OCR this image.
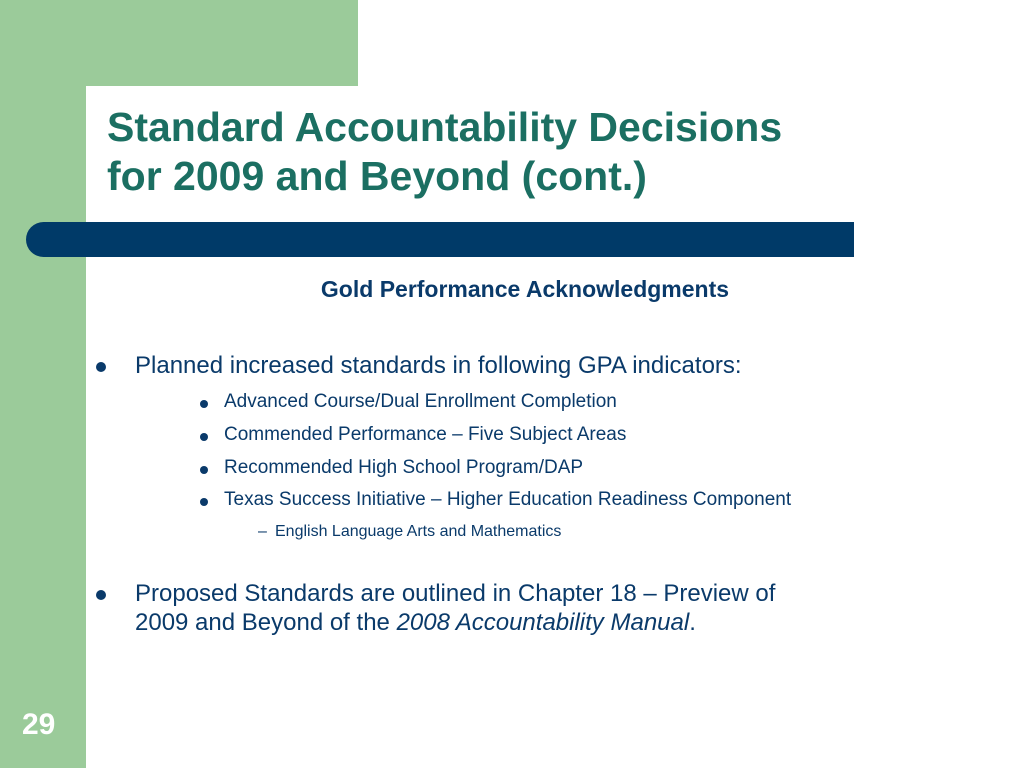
Standard Accountability Decisions
for 2009 and Beyond (cont.)
Gold Performance Acknowledgments
Planned increased standards in following GPA indicators:
Advanced Course/Dual Enrollment Completion
Commended Performance – Five Subject Areas
Recommended High School Program/DAP
Texas Success Initiative – Higher Education Readiness Component
– English Language Arts and Mathematics
Proposed Standards are outlined in Chapter 18 – Preview of
2009 and Beyond of the 2008 Accountability Manual.
29
